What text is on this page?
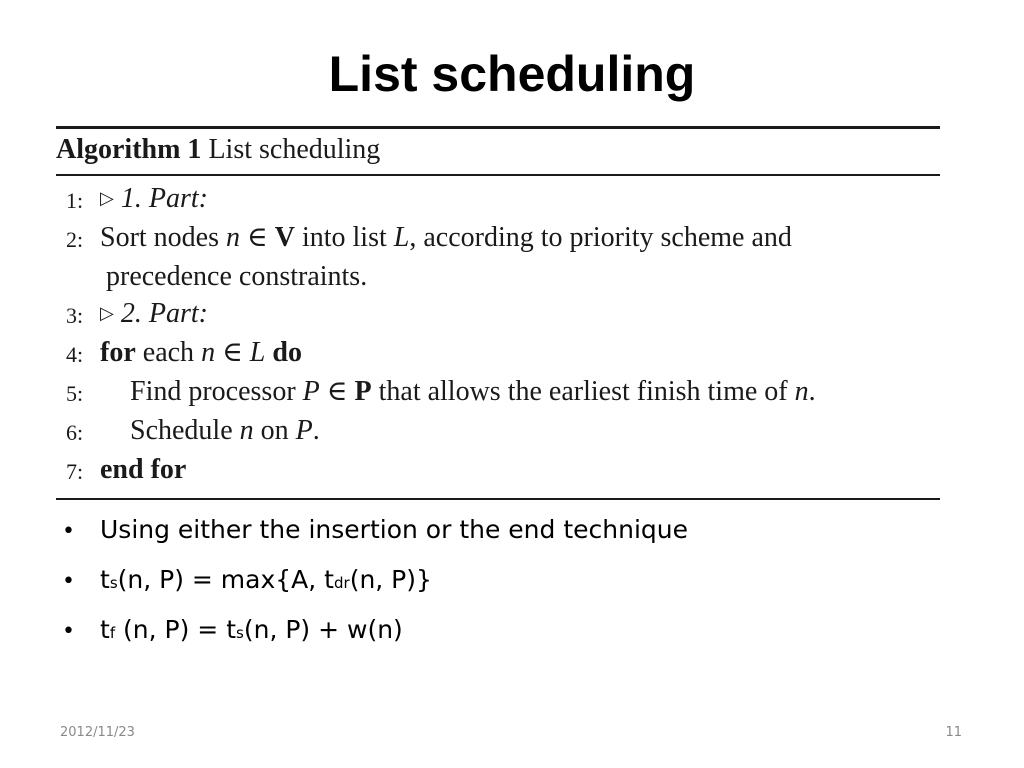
List scheduling
Algorithm 1 List scheduling
1: ▷ 1. Part:
2: Sort nodes n ∈ V into list L, according to priority scheme and
precedence constraints.
3: ▷ 2. Part:
4: for each n ∈ L do
5:	Find processor P ∈ P that allows the earliest finish time of n.
6:	Schedule n on P.
7: end for
•	Using either the insertion or the end technique
•	ts(n, P) = max{A, tdr(n, P)}
•	tf (n, P) = ts(n, P) + w(n)
2012/11/23	11
